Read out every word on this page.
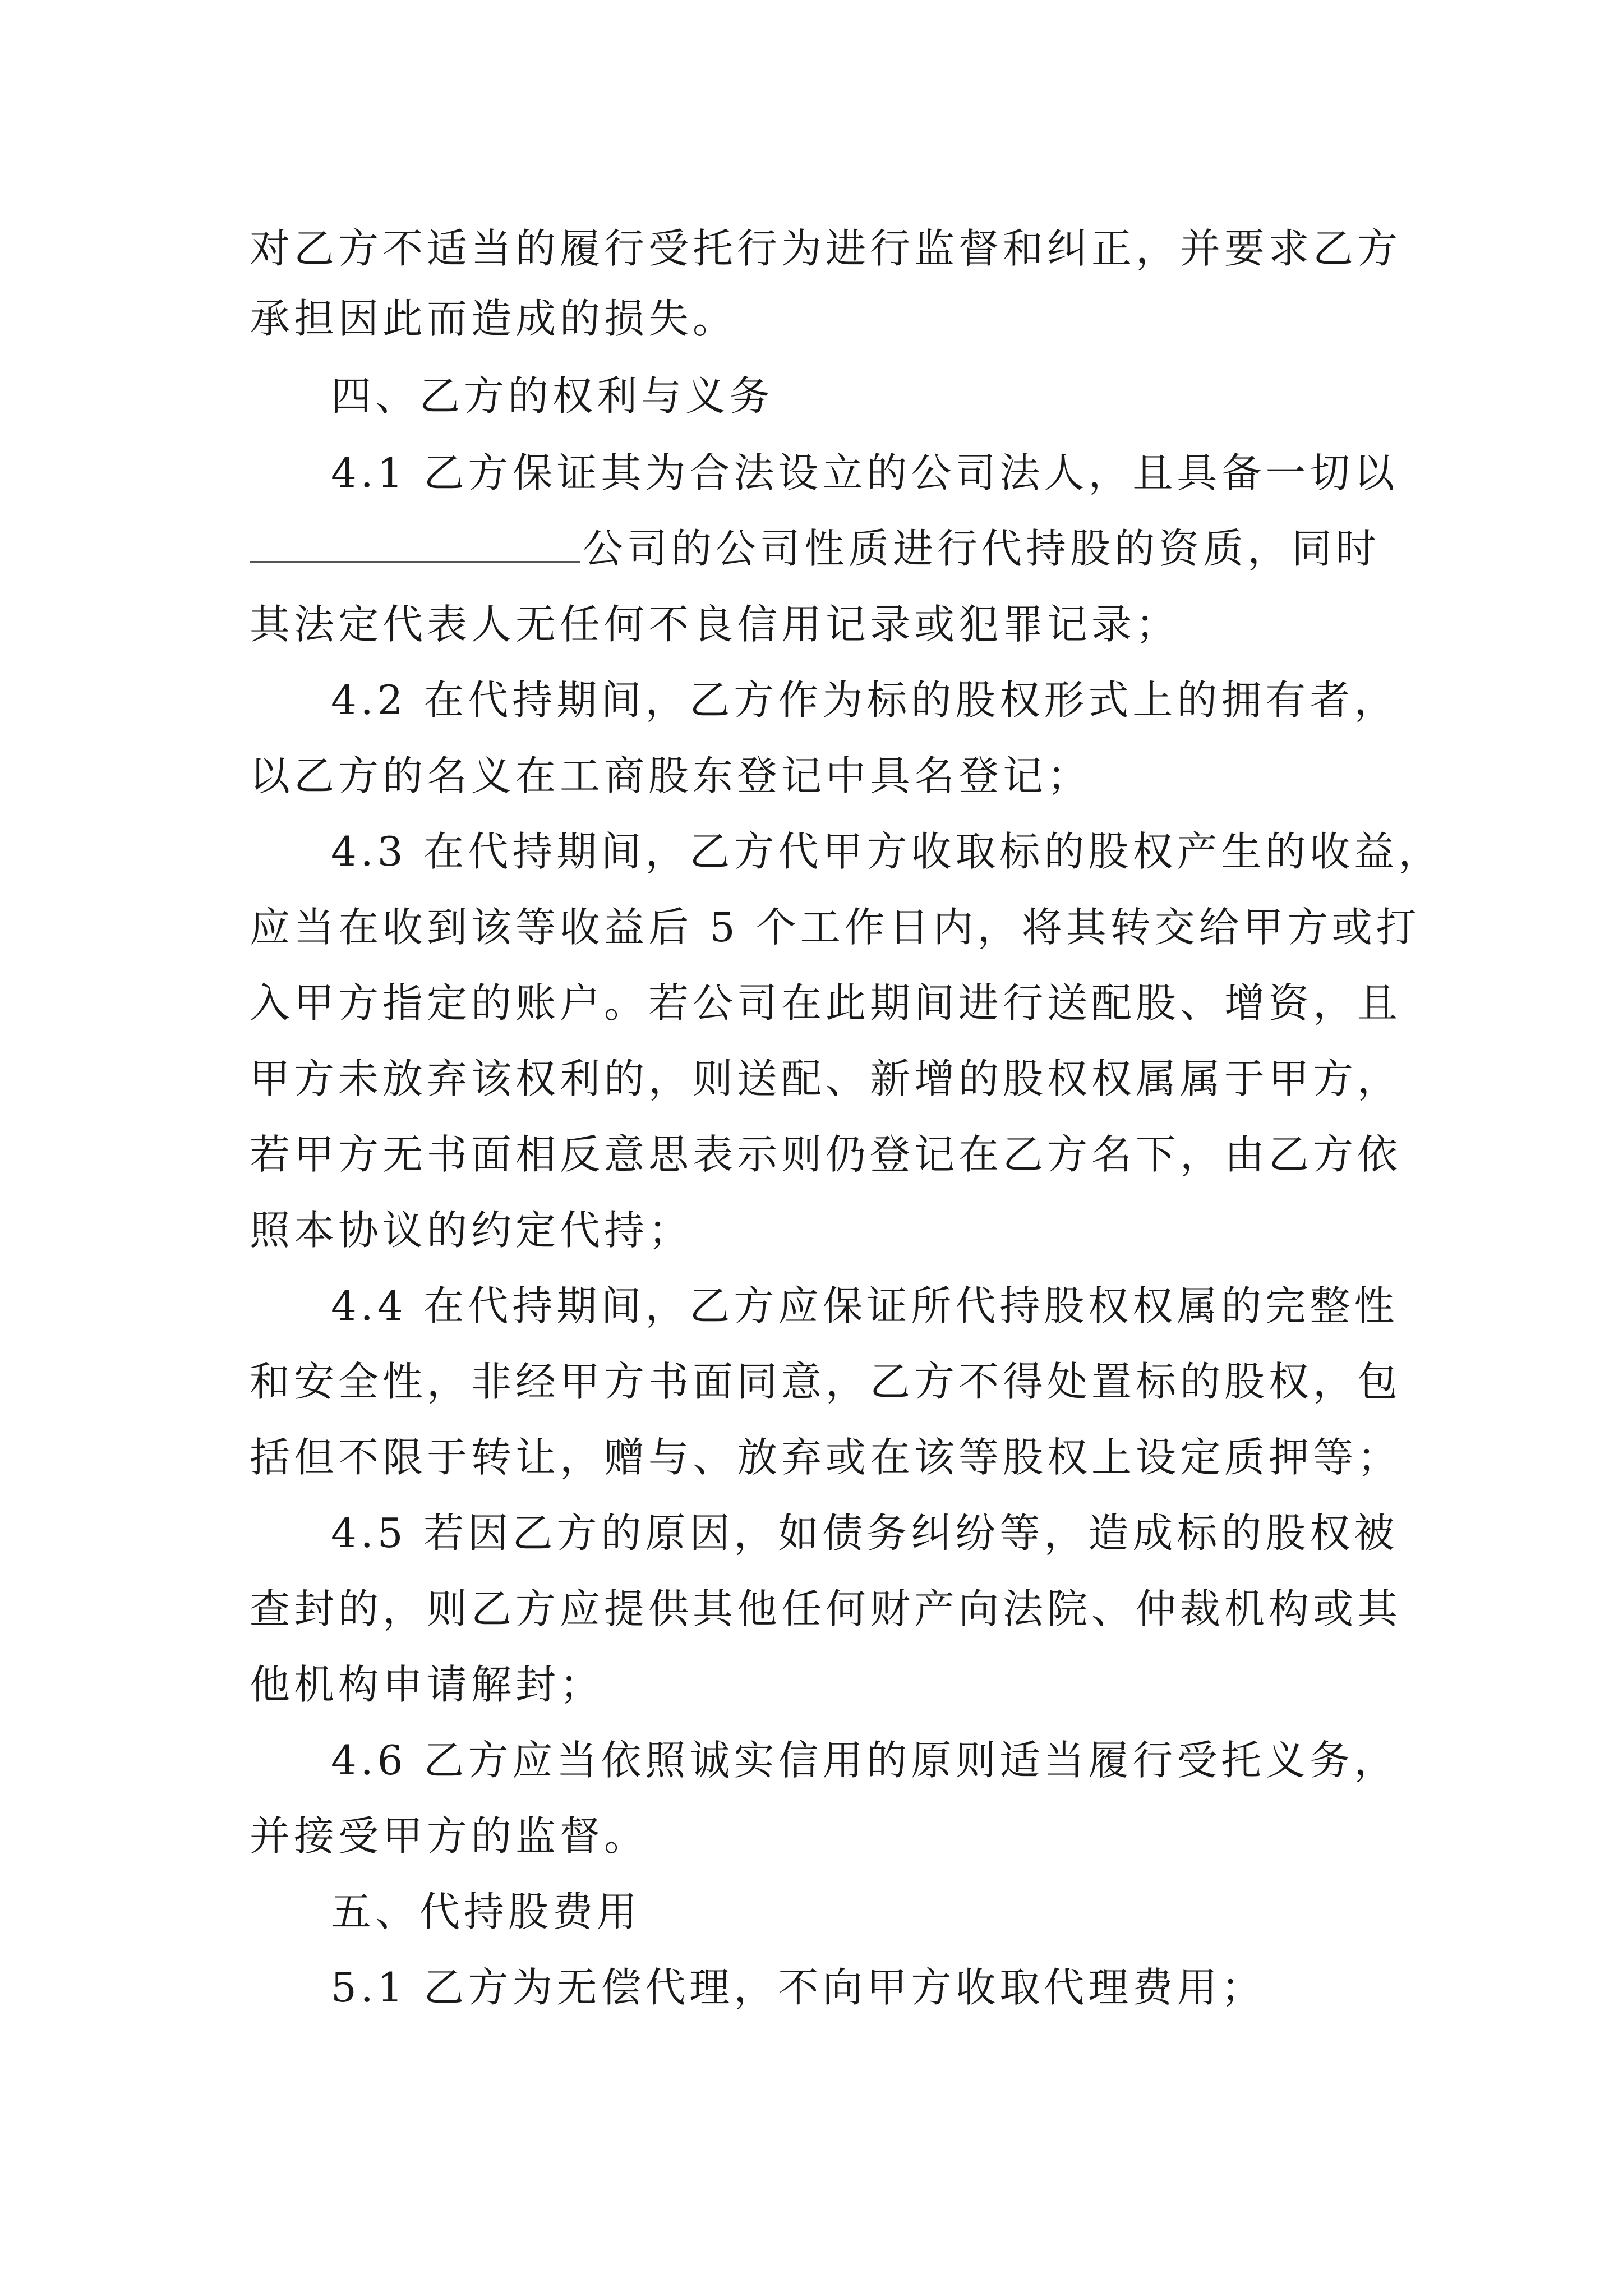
对乙方不适当的履行受托行为进行监督和纠正，并要求乙方
承担因此而造成的损失。
四、乙方的权利与义务
4.1 乙方保证其为合法设立的公司法人，且具备一切以
公司的公司性质进行代持股的资质，同时
其法定代表人无任何不良信用记录或犯罪记录；
4.2 在代持期间，乙方作为标的股权形式上的拥有者，
以乙方的名义在工商股东登记中具名登记；
4.3 在代持期间，乙方代甲方收取标的股权产生的收益，
应当在收到该等收益后 5 个工作日内，将其转交给甲方或打
入甲方指定的账户。若公司在此期间进行送配股、增资，且
甲方未放弃该权利的，则送配、新增的股权权属属于甲方，
若甲方无书面相反意思表示则仍登记在乙方名下，由乙方依
照本协议的约定代持；
4.4 在代持期间，乙方应保证所代持股权权属的完整性
和安全性，非经甲方书面同意，乙方不得处置标的股权，包
括但不限于转让，赠与、放弃或在该等股权上设定质押等；
4.5 若因乙方的原因，如债务纠纷等，造成标的股权被
查封的，则乙方应提供其他任何财产向法院、仲裁机构或其
他机构申请解封；
4.6 乙方应当依照诚实信用的原则适当履行受托义务，
并接受甲方的监督。
五、代持股费用
5.1 乙方为无偿代理，不向甲方收取代理费用；
